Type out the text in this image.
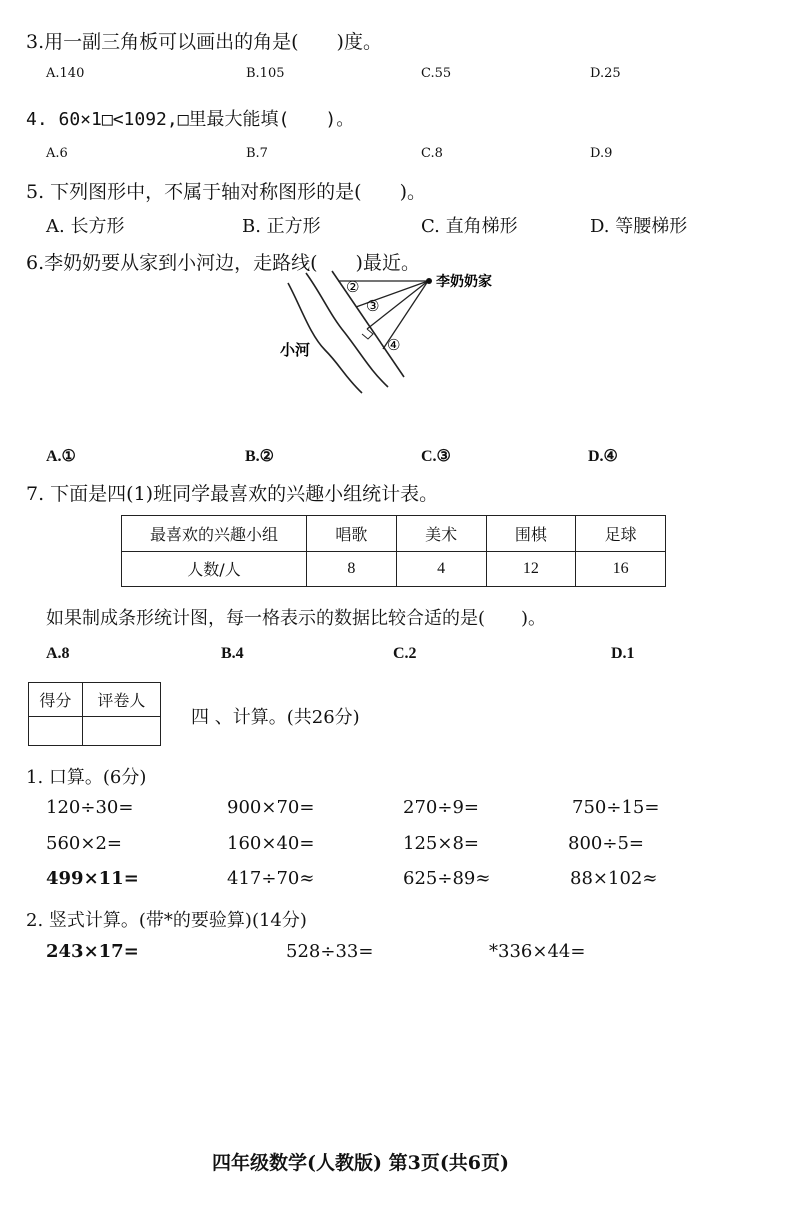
3.用一副三角板可以画出的角是(　　)度。
A.140	B.105	C.55	D.25
4. 60×1□<1092,□里最大能填(　　)。
A.6	B.7	C.8	D.9
5. 下列图形中，不属于轴对称图形的是(　　)。
A. 长方形	B. 正方形	C. 直角梯形	D. 等腰梯形
6.李奶奶要从家到小河边，走路线(　　)最近。
李奶奶家
小河
②
③
④
A.①	B.②	C.③	D.④
7. 下面是四(1)班同学最喜欢的兴趣小组统计表。
最喜欢的兴趣小组	唱歌	美术	围棋	足球
人数/人	8	4	12	16
如果制成条形统计图，每一格表示的数据比较合适的是(　　)。
A.8	B.4	C.2	D.1
得分	评卷人

四 、计算。(共26分)
1. 口算。(6分)
120÷30=	900×70=	270÷9=	750÷15=
560×2=	160×40=	125×8=	800÷5=
499×11=	417÷70≈	625÷89≈	88×102≈
2. 竖式计算。(带*的要验算)(14分)
243×17=	528÷33=	*336×44=
四年级数学(人教版) 第3页(共6页)
